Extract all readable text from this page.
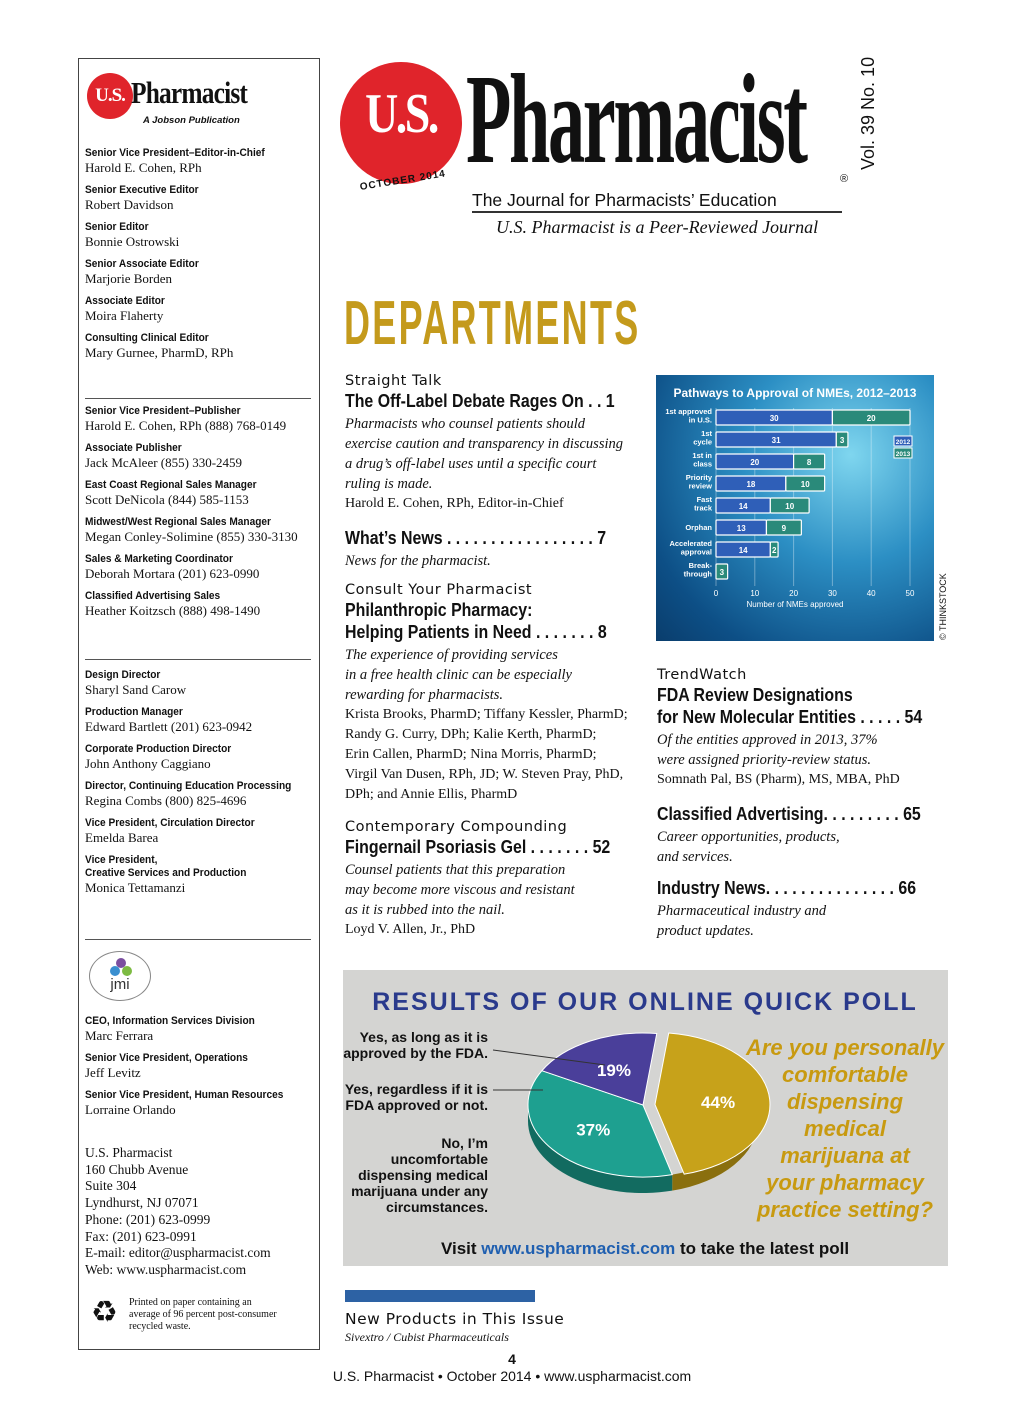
U.S. Pharmacist
A Jobson Publication
Senior Vice President–Editor-in-Chief
Harold E. Cohen, RPh
Senior Executive Editor
Robert Davidson
Senior Editor
Bonnie Ostrowski
Senior Associate Editor
Marjorie Borden
Associate Editor
Moira Flaherty
Consulting Clinical Editor
Mary Gurnee, PharmD, RPh
Senior Vice President–Publisher
Harold E. Cohen, RPh (888) 768-0149
Associate Publisher
Jack McAleer (855) 330-2459
East Coast Regional Sales Manager
Scott DeNicola (844) 585-1153
Midwest/West Regional Sales Manager
Megan Conley-Solimine (855) 330-3130
Sales & Marketing Coordinator
Deborah Mortara (201) 623-0990
Classified Advertising Sales
Heather Koitzsch (888) 498-1490
Design Director
Sharyl Sand Carow
Production Manager
Edward Bartlett (201) 623-0942
Corporate Production Director
John Anthony Caggiano
Director, Continuing Education Processing
Regina Combs (800) 825-4696
Vice President, Circulation Director
Emelda Barea
Vice President,
Creative Services and Production
Monica Tettamanzi
jmi
CEO, Information Services Division
Marc Ferrara
Senior Vice President, Operations
Jeff Levitz
Senior Vice President, Human Resources
Lorraine Orlando
U.S. Pharmacist
160 Chubb Avenue
Suite 304
Lyndhurst, NJ 07071
Phone: (201) 623-0999
Fax: (201) 623-0991
E-mail: editor@uspharmacist.com
Web: www.uspharmacist.com
♻	Printed on paper containing an
average of 96 percent post-consumer
recycled waste.
U.S.
OCTOBER 2014 Pharmacist	®
Vol. 39 No. 10
The Journal for Pharmacists’ Education
U.S. Pharmacist is a Peer-Reviewed Journal
DEPARTMENTS
Straight Talk
The Off-Label Debate Rages On . . 1
Pharmacists who counsel patients should
exercise caution and transparency in discussing
a drug’s off-label uses until a specific court
ruling is made.
Harold E. Cohen, RPh, Editor-in-Chief
What’s News . . . . . . . . . . . . . . . . . 7
News for the pharmacist.
Consult Your Pharmacist
Philanthropic Pharmacy:
Helping Patients in Need . . . . . . . 8
The experience of providing services
in a free health clinic can be especially
rewarding for pharmacists.
Krista Brooks, PharmD; Tiffany Kessler, PharmD;
Randy G. Curry, DPh; Kalie Kerth, PharmD;
Erin Callen, PharmD; Nina Morris, PharmD;
Virgil Van Dusen, RPh, JD; W. Steven Pray, PhD,
DPh; and Annie Ellis, PharmD
Contemporary Compounding
Fingernail Psoriasis Gel . . . . . . . 52
Counsel patients that this preparation
may become more viscous and resistant
as it is rubbed into the nail.
Loyd V. Allen, Jr., PhD
Pathways to Approval of NMEs, 2012–2013
0	10	20	30	40	50
Number of NMEs approved
1st approved
in U.S.	30	20
1st
cycle	31	3
1st in
class	20	8
Priority
review	18	10
Fast
track	14	10
Orphan	13	9
Accelerated
approval	14	2
Break-
through 3
2012
2013
© THINKSTOCK
TrendWatch
FDA Review Designations
for New Molecular Entities . . . . . 54
Of the entities approved in 2013, 37%
were assigned priority-review status.
Somnath Pal, BS (Pharm), MS, MBA, PhD
Classified Advertising. . . . . . . . . 65
Career opportunities, products,
and services.
Industry News. . . . . . . . . . . . . . . 66
Pharmaceutical industry and
product updates.
RESULTS OF OUR ONLINE QUICK POLL
44%
37%
19%
Yes, as long as it is
approved by the FDA.
No, I’m
uncomfortable
dispensing medical
marijuana under any
circumstances.
Yes, regardless if it is
FDA approved or not.
Are you personally
comfortable
dispensing
medical
marijuana at
your pharmacy
practice setting?
Visit www.uspharmacist.com to take the latest poll
New Products in This Issue
Sivextro / Cubist Pharmaceuticals
4
U.S. Pharmacist • October 2014 • www.uspharmacist.com
